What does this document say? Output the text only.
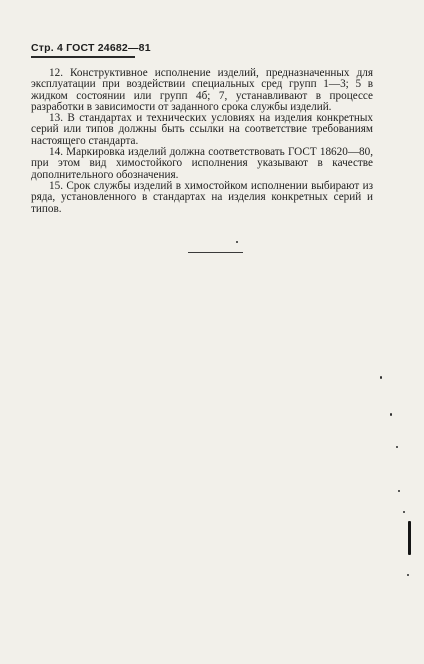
Стр. 4 ГОСТ 24682—81

12. Конструктивное исполнение изделий, предназначенных для эксплуатации при воздействии специальных сред групп 1—3; 5 в жидком состоянии или групп 4б; 7, устанавливают в процессе разработки в зависимости от заданного срока службы изделий.

13. В стандартах и технических условиях на изделия конкретных серий или типов должны быть ссылки на соответствие требованиям настоящего стандарта.

14. Маркировка изделий должна соответствовать ГОСТ 18620—80, при этом вид химостойкого исполнения указывают в качестве дополнительного обозначения.

15. Срок службы изделий в химостойком исполнении выбирают из ряда, установленного в стандартах на изделия конкретных серий и типов.
